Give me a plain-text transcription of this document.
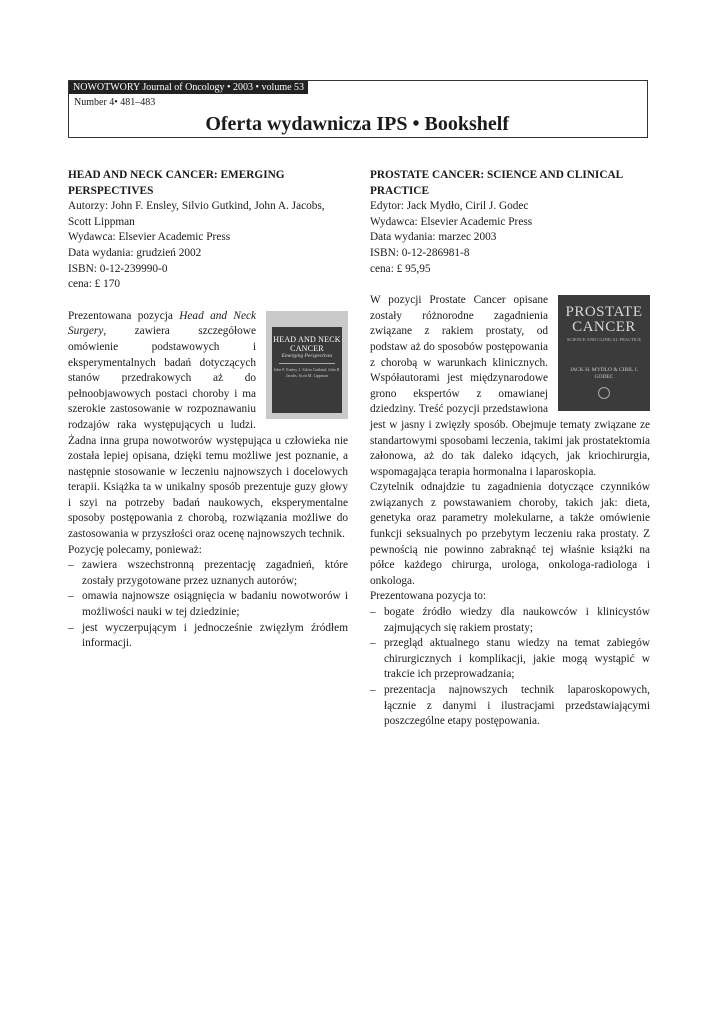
NOWOTWORY Journal of Oncology • 2003 • volume 53
Number 4• 481–483
Oferta wydawnicza IPS • Bookshelf
HEAD AND NECK CANCER: EMERGING PERSPECTIVES
Autorzy: John F. Ensley, Silvio Gutkind, John A. Jacobs, Scott Lippman
Wydawca: Elsevier Academic Press
Data wydania: grudzień 2002
ISBN: 0-12-239990-0
cena: £ 170
HEAD AND NECK CANCER
Emerging Perspectives
John F. Ensley, J. Silvio Gutkind, John R. Jacobs, Scott M. Lippman

Prezentowana pozycja Head and Neck Surgery, zawiera szczegółowe omówienie podstawowych i eksperymentalnych badań dotyczących stanów przedrakowych aż do pełnoobjawowych postaci choroby i ma szerokie zastosowanie w rozpoznawaniu rodzajów raka występujących u ludzi. Żadna inna grupa nowotworów występująca u człowieka nie została lepiej opisana, dzięki temu możliwe jest poznanie, a następnie stosowanie w leczeniu najnowszych i docelowych terapii. Książka ta w unikalny sposób prezentuje guzy głowy i szyi na potrzeby badań naukowych, eksperymentalne sposoby postępowania z chorobą, rozwiązania możliwe do zastosowania w przyszłości oraz ocenę najnowszych technik.

Pozycję polecamy, ponieważ:

– zawiera wszechstronną prezentację zagadnień, które zostały przygotowane przez uznanych autorów;
– omawia najnowsze osiągnięcia w badaniu nowotworów i możliwości nauki w tej dziedzinie;
– jest wyczerpującym i jednocześnie zwięzłym źródłem informacji.
PROSTATE CANCER: SCIENCE AND CLINICAL PRACTICE
Edytor: Jack Mydło, Ciril J. Godec
Wydawca: Elsevier Academic Press
Data wydania: marzec 2003
ISBN: 0-12-286981-8
cena: £ 95,95
PROSTATE CANCER
SCIENCE AND CLINICAL PRACTICE
JACK H. MYDLO & CIRIL J. GODEC

W pozycji Prostate Cancer opisane zostały różnorodne zagadnienia związane z rakiem prostaty, od podstaw aż do sposobów postępowania z chorobą w warunkach klinicznych. Współautorami jest międzynarodowe grono ekspertów z omawianej dziedziny. Treść pozycji przedstawiona jest w jasny i zwięzły sposób. Obejmuje tematy związane ze standartowymi sposobami leczenia, takimi jak prostatektomia załonowa, aż do tak daleko idących, jak kriochirurgia, wspomagająca terapia hormonalna i laparoskopia.

Czytelnik odnajdzie tu zagadnienia dotyczące czynników związanych z powstawaniem choroby, takich jak: dieta, genetyka oraz parametry molekularne, a także omówienie funkcji seksualnych po przebytym leczeniu raka prostaty. Z pewnością nie powinno zabraknąć tej właśnie książki na półce każdego chirurga, urologa, onkologa-radiologa i onkologa.

Prezentowana pozycja to:

– bogate źródło wiedzy dla naukowców i klinicystów zajmujących się rakiem prostaty;
– przegląd aktualnego stanu wiedzy na temat zabiegów chirurgicznych i komplikacji, jakie mogą wystąpić w trakcie ich przeprowadzania;
– prezentacja najnowszych technik laparoskopowych, łącznie z danymi i ilustracjami przedstawiającymi poszczególne etapy postępowania.
